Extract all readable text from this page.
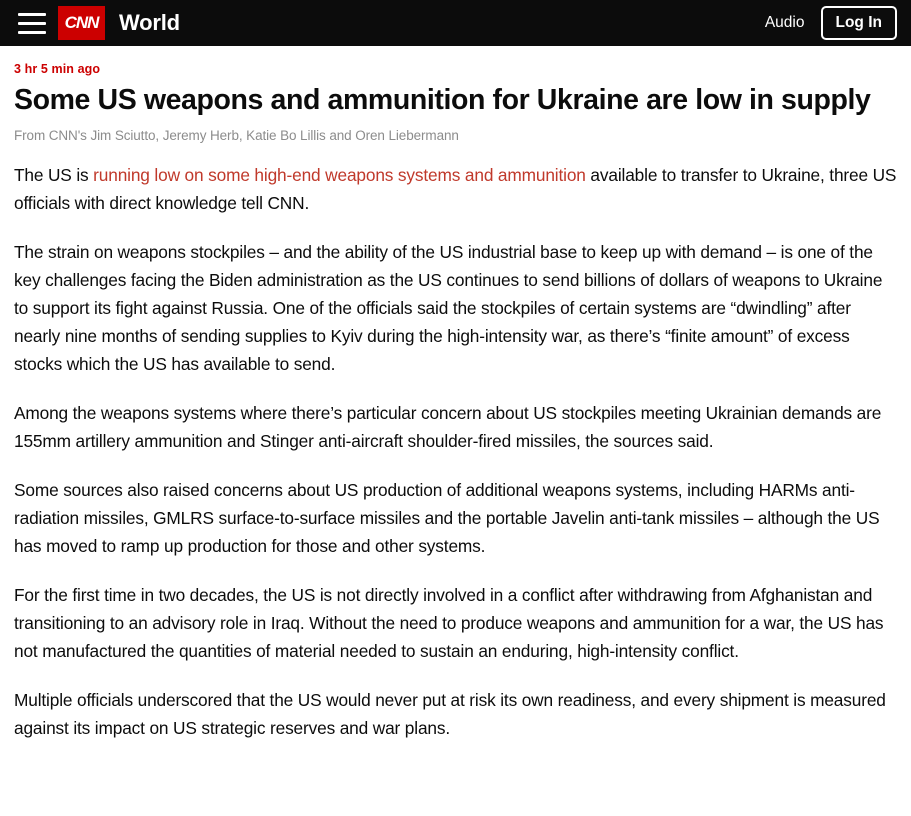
CNN World	Audio	Log In
3 hr 5 min ago
Some US weapons and ammunition for Ukraine are low in supply
From CNN's Jim Sciutto, Jeremy Herb, Katie Bo Lillis and Oren Liebermann

The US is running low on some high-end weapons systems and ammunition available to transfer to Ukraine, three US officials with direct knowledge tell CNN.

The strain on weapons stockpiles – and the ability of the US industrial base to keep up with demand – is one of the key challenges facing the Biden administration as the US continues to send billions of dollars of weapons to Ukraine to support its fight against Russia. One of the officials said the stockpiles of certain systems are “dwindling” after nearly nine months of sending supplies to Kyiv during the high-intensity war, as there’s “finite amount” of excess stocks which the US has available to send.

Among the weapons systems where there’s particular concern about US stockpiles meeting Ukrainian demands are 155mm artillery ammunition and Stinger anti-aircraft shoulder-fired missiles, the sources said.

Some sources also raised concerns about US production of additional weapons systems, including HARMs anti-radiation missiles, GMLRS surface-to-surface missiles and the portable Javelin anti-tank missiles – although the US has moved to ramp up production for those and other systems.

For the first time in two decades, the US is not directly involved in a conflict after withdrawing from Afghanistan and transitioning to an advisory role in Iraq. Without the need to produce weapons and ammunition for a war, the US has not manufactured the quantities of material needed to sustain an enduring, high-intensity conflict.

Multiple officials underscored that the US would never put at risk its own readiness, and every shipment is measured against its impact on US strategic reserves and war plans.
